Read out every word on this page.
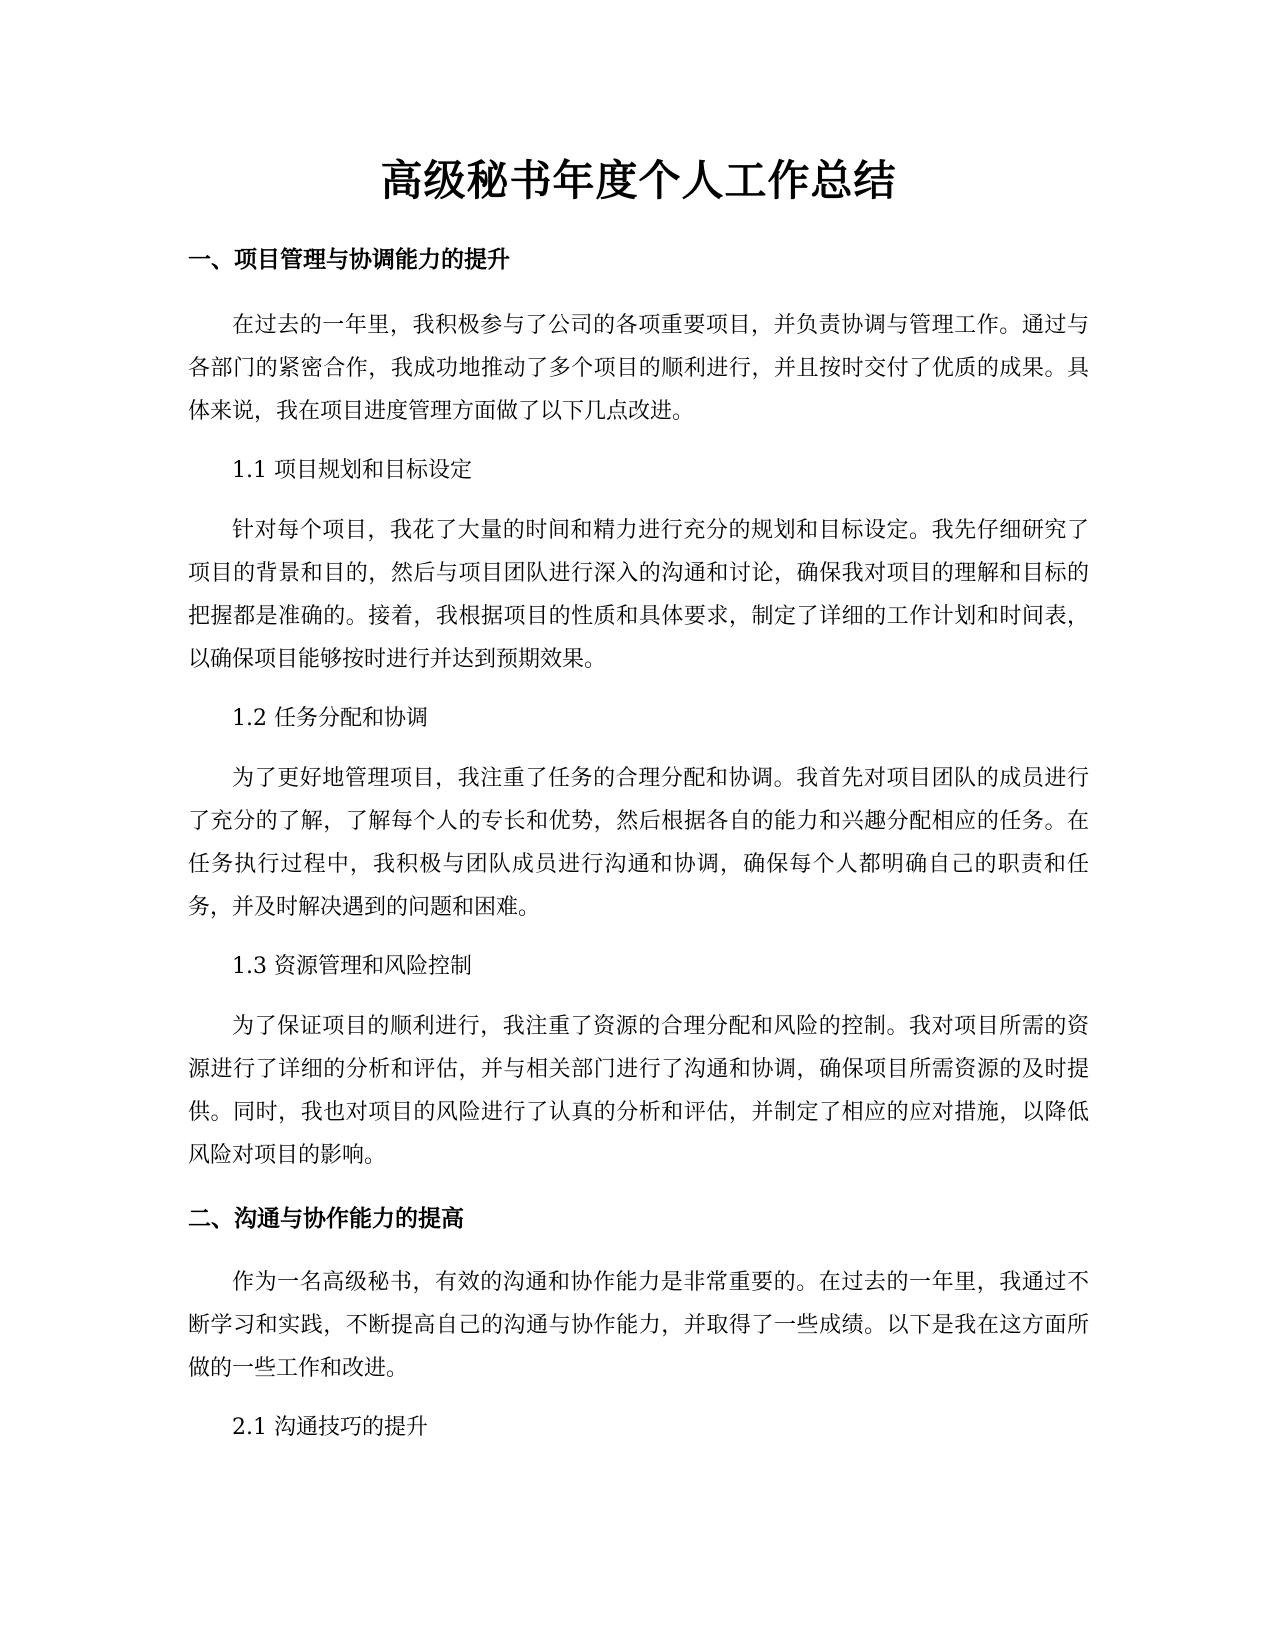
高级秘书年度个人工作总结
一、项目管理与协调能力的提升

在过去的一年里，我积极参与了公司的各项重要项目，并负责协调与管理工作。通过与各部门的紧密合作，我成功地推动了多个项目的顺利进行，并且按时交付了优质的成果。具体来说，我在项目进度管理方面做了以下几点改进。

1.1 项目规划和目标设定

针对每个项目，我花了大量的时间和精力进行充分的规划和目标设定。我先仔细研究了项目的背景和目的，然后与项目团队进行深入的沟通和讨论，确保我对项目的理解和目标的把握都是准确的。接着，我根据项目的性质和具体要求，制定了详细的工作计划和时间表，以确保项目能够按时进行并达到预期效果。

1.2 任务分配和协调

为了更好地管理项目，我注重了任务的合理分配和协调。我首先对项目团队的成员进行了充分的了解，了解每个人的专长和优势，然后根据各自的能力和兴趣分配相应的任务。在任务执行过程中，我积极与团队成员进行沟通和协调，确保每个人都明确自己的职责和任务，并及时解决遇到的问题和困难。

1.3 资源管理和风险控制

为了保证项目的顺利进行，我注重了资源的合理分配和风险的控制。我对项目所需的资源进行了详细的分析和评估，并与相关部门进行了沟通和协调，确保项目所需资源的及时提供。同时，我也对项目的风险进行了认真的分析和评估，并制定了相应的应对措施，以降低风险对项目的影响。

二、沟通与协作能力的提高

作为一名高级秘书，有效的沟通和协作能力是非常重要的。在过去的一年里，我通过不断学习和实践，不断提高自己的沟通与协作能力，并取得了一些成绩。以下是我在这方面所做的一些工作和改进。

2.1 沟通技巧的提升
